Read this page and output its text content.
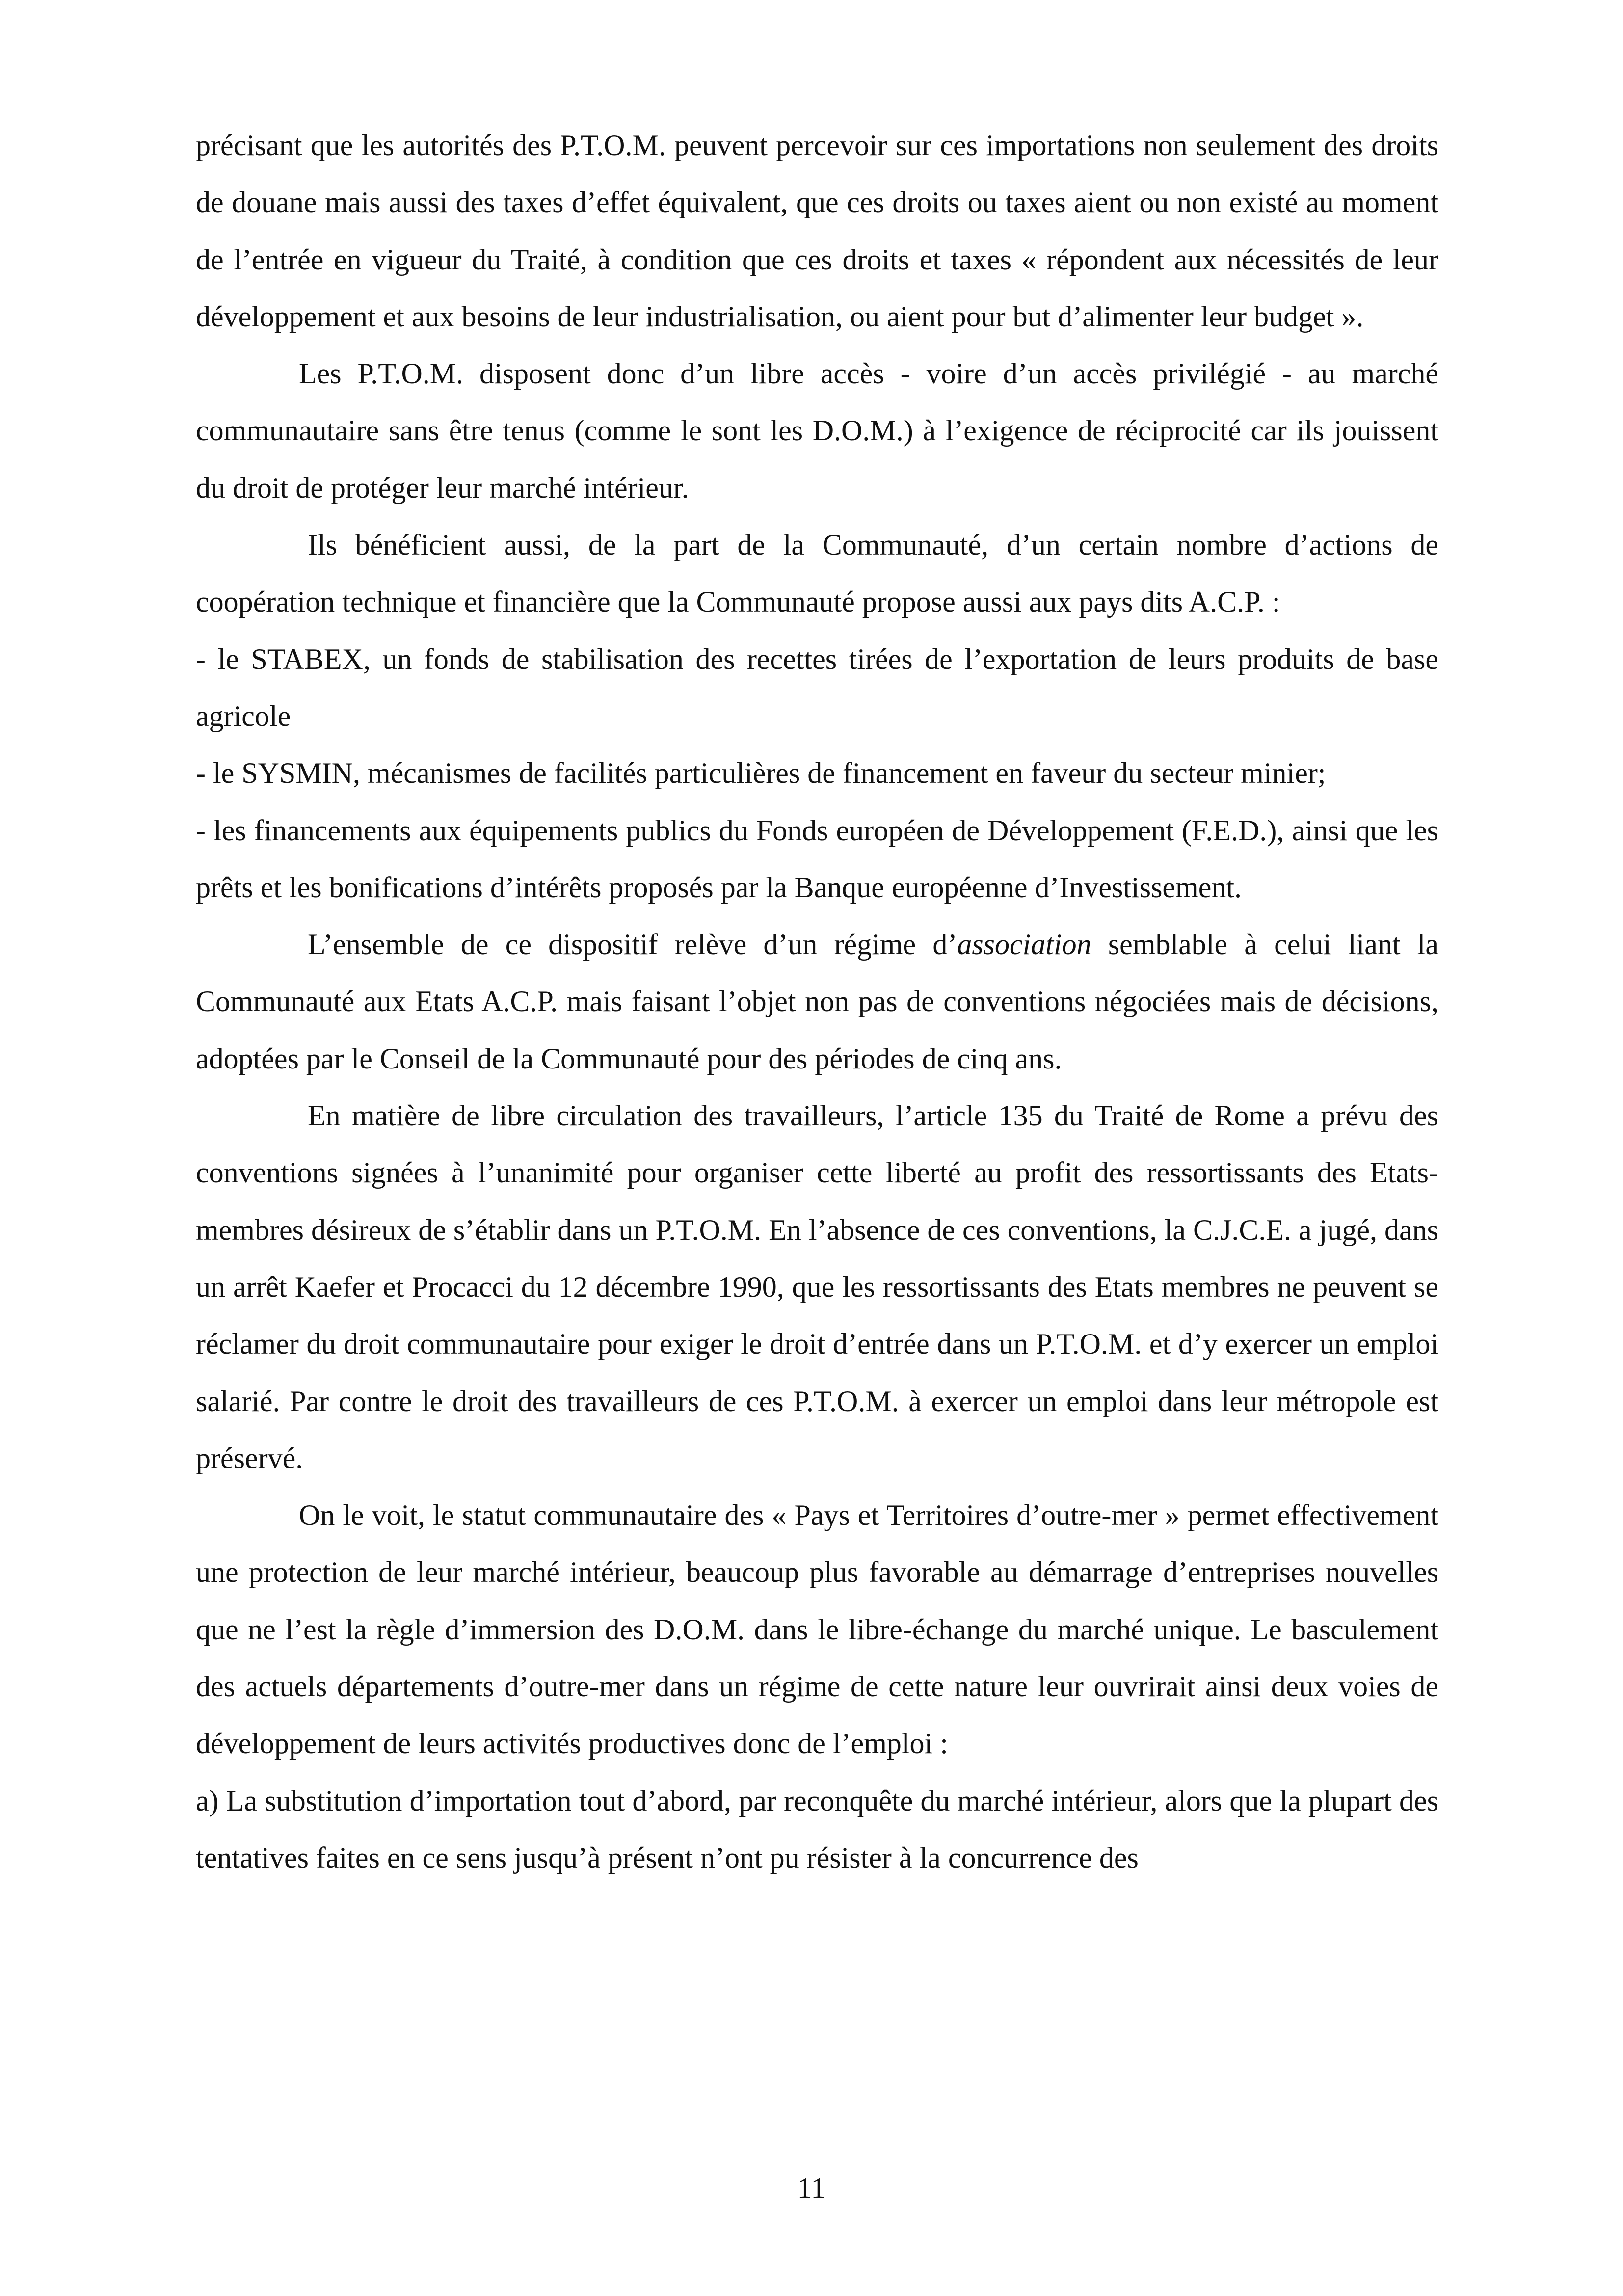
précisant que les autorités des P.T.O.M. peuvent percevoir sur ces importations non seulement des droits de douane mais aussi des taxes d’effet équivalent, que ces droits ou taxes aient ou non existé au moment de l’entrée en vigueur du Traité, à condition que ces droits et taxes « répondent aux nécessités de leur développement et aux besoins de leur industrialisation, ou aient pour but d’alimenter leur budget ».

Les P.T.O.M. disposent donc d’un libre accès - voire d’un accès privilégié - au marché communautaire sans être tenus (comme le sont les D.O.M.) à l’exigence de réciprocité car ils jouissent du droit de protéger leur marché intérieur.

Ils bénéficient aussi, de la part de la Communauté, d’un certain nombre d’actions de coopération technique et financière que la Communauté propose aussi aux pays dits A.C.P. :

- le STABEX, un fonds de stabilisation des recettes tirées de l’exportation de leurs produits de base agricole

- le SYSMIN, mécanismes de facilités particulières de financement en faveur du secteur minier;

- les financements aux équipements publics du Fonds européen de Développement (F.E.D.), ainsi que les prêts et les bonifications d’intérêts proposés par la Banque européenne d’Investissement.

L’ensemble de ce dispositif relève d’un régime d’association semblable à celui liant la Communauté aux Etats A.C.P. mais faisant l’objet non pas de conventions négociées mais de décisions, adoptées par le Conseil de la Communauté pour des périodes de cinq ans.

En matière de libre circulation des travailleurs, l’article 135 du Traité de Rome a prévu des conventions signées à l’unanimité pour organiser cette liberté au profit des ressortissants des Etats-membres désireux de s’établir dans un P.T.O.M. En l’absence de ces conventions, la C.J.C.E. a jugé, dans un arrêt Kaefer et Procacci du 12 décembre 1990, que les ressortissants des Etats membres ne peuvent se réclamer du droit communautaire pour exiger le droit d’entrée dans un P.T.O.M. et d’y exercer un emploi salarié. Par contre le droit des travailleurs de ces P.T.O.M. à exercer un emploi dans leur métropole est préservé.

On le voit, le statut communautaire des « Pays et Territoires d’outre-mer » permet effectivement une protection de leur marché intérieur, beaucoup plus favorable au démarrage d’entreprises nouvelles que ne l’est la règle d’immersion des D.O.M. dans le libre-échange du marché unique. Le basculement des actuels départements d’outre-mer dans un régime de cette nature leur ouvrirait ainsi deux voies de développement de leurs activités productives donc de l’emploi :

a) La substitution d’importation tout d’abord, par reconquête du marché intérieur, alors que la plupart des tentatives faites en ce sens jusqu’à présent n’ont pu résister à la concurrence des

11
